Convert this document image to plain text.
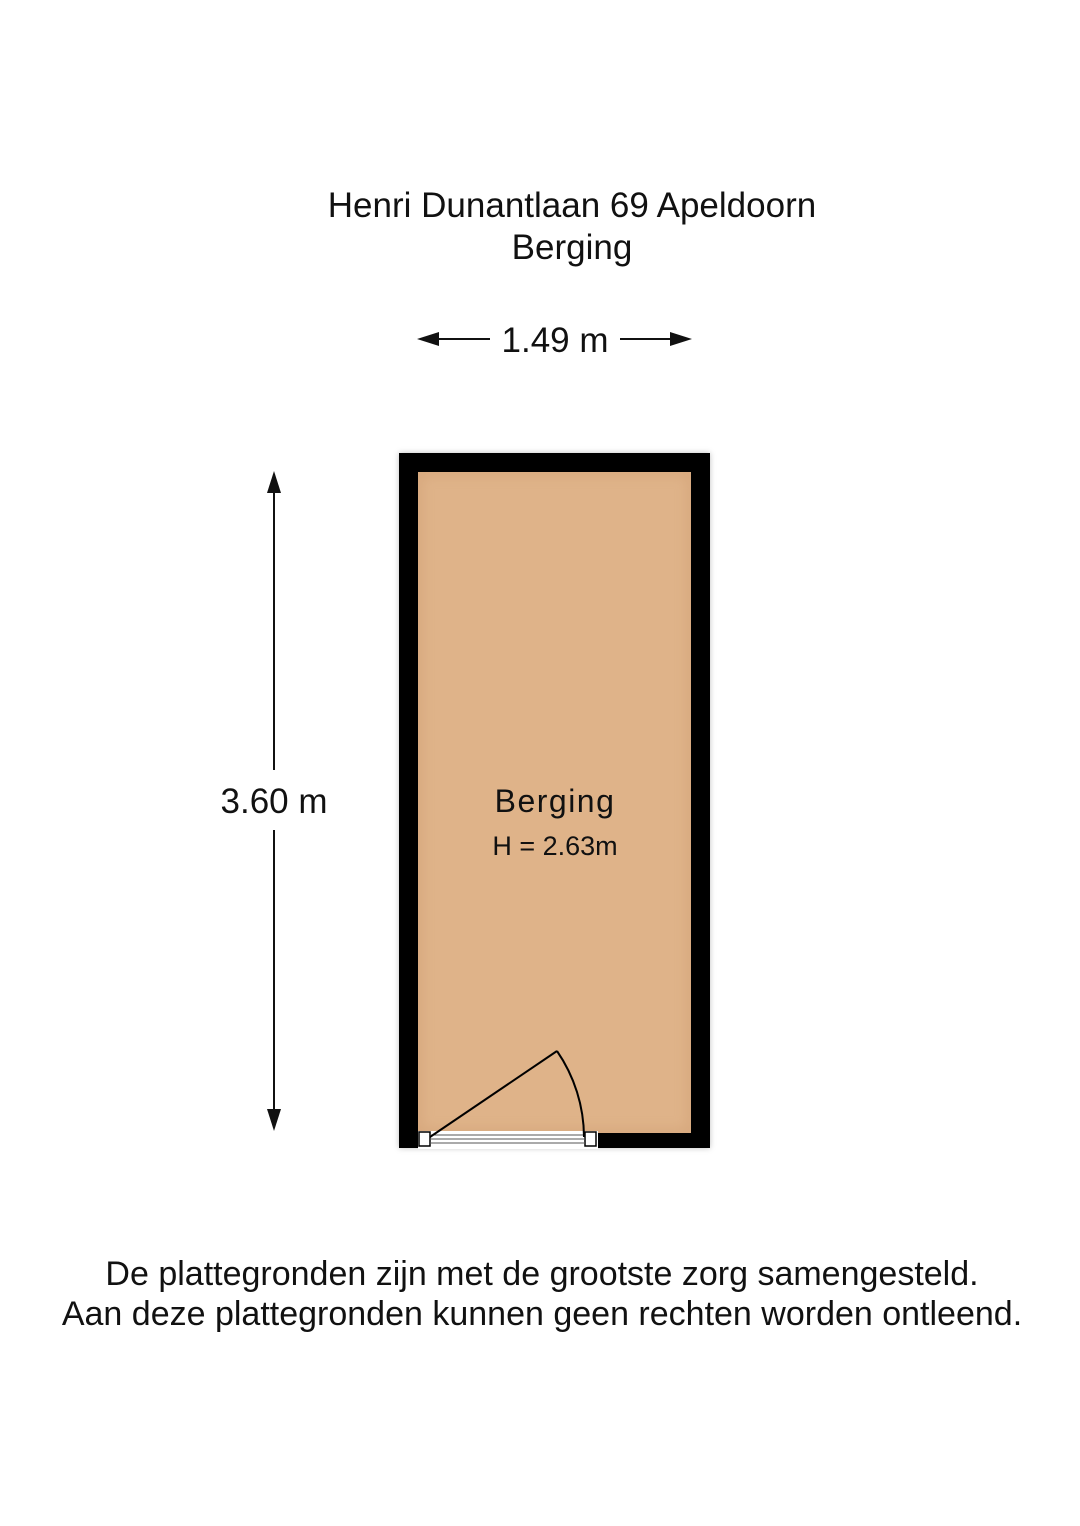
Henri Dunantlaan 69 Apeldoorn
Berging
1.49 m
3.60 m	Berging
H = 2.63m
De plattegronden zijn met de grootste zorg samengesteld.
Aan deze plattegronden kunnen geen rechten worden ontleend.
